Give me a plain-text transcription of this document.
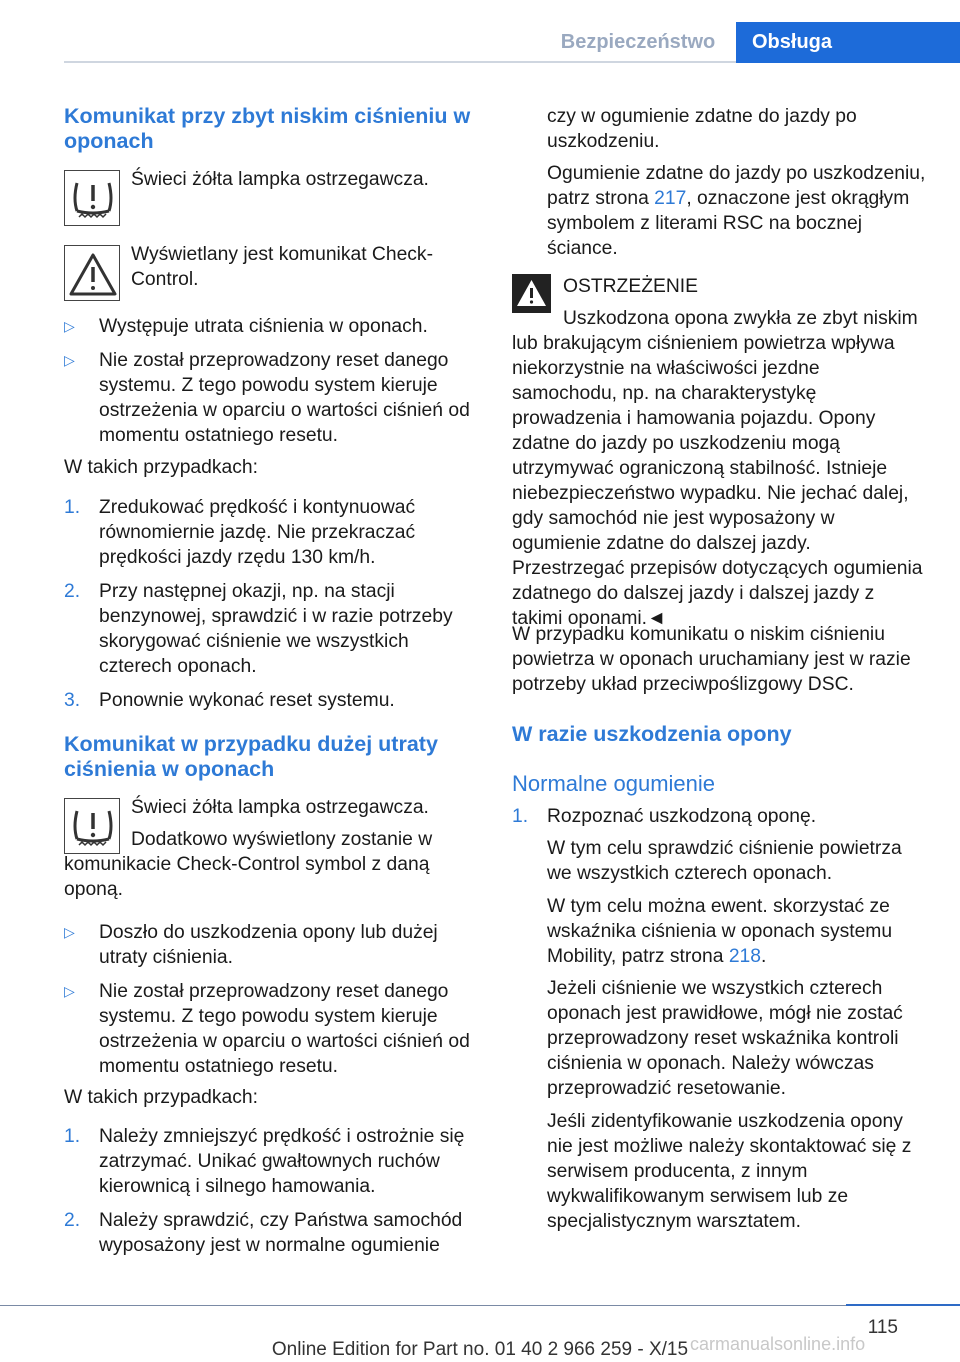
Bezpieczeństwo	Obsługa
Komunikat przy zbyt niskim ciśnieniu w oponach

Świeci żółta lampka ostrzegawcza.

Wyświetlany jest komunikat Check-Control.

▷ Występuje utrata ciśnienia w oponach.
▷ Nie został przeprowadzony reset danego systemu. Z tego powodu system kieruje ostrzeżenia w oparciu o wartości ciśnień od momentu ostatniego resetu.

W takich przypadkach:

1. Zredukować prędkość i kontynuować równomiernie jazdę. Nie przekraczać prędkości jazdy rzędu 130 km/h.
2. Przy następnej okazji, np. na stacji benzynowej, sprawdzić i w razie potrzeby skorygować ciśnienie we wszystkich czterech oponach.
3. Ponownie wykonać reset systemu.
Komunikat w przypadku dużej utraty ciśnienia w oponach

Świeci żółta lampka ostrzegawcza.

Dodatkowo wyświetlony zostanie w komunikacie Check-Control symbol z daną oponą.

▷ Doszło do uszkodzenia opony lub dużej utraty ciśnienia.
▷ Nie został przeprowadzony reset danego systemu. Z tego powodu system kieruje ostrzeżenia w oparciu o wartości ciśnień od momentu ostatniego resetu.

W takich przypadkach:

1. Należy zmniejszyć prędkość i ostrożnie się zatrzymać. Unikać gwałtownych ruchów kierownicą i silnego hamowania.
2. Należy sprawdzić, czy Państwa samochód wyposażony jest w normalne ogumienie

czy w ogumienie zdatne do jazdy po uszkodzeniu.

Ogumienie zdatne do jazdy po uszkodzeniu, patrz strona 217, oznaczone jest okrągłym symbolem z literami RSC na bocznej ściance.

OSTRZEŻENIE

Uszkodzona opona zwykła ze zbyt niskim lub brakującym ciśnieniem powietrza wpływa niekorzystnie na właściwości jezdne samochodu, np. na charakterystykę prowadzenia i hamowania pojazdu. Opony zdatne do jazdy po uszkodzeniu mogą utrzymywać ograniczoną stabilność. Istnieje niebezpieczeństwo wypadku. Nie jechać dalej, gdy samochód nie jest wyposażony w ogumienie zdatne do dalszej jazdy. Przestrzegać przepisów dotyczących ogumienia zdatnego do dalszej jazdy i dalszej jazdy z takimi oponami.◄

W przypadku komunikatu o niskim ciśnieniu powietrza w oponach uruchamiany jest w razie potrzeby układ przeciwpoślizgowy DSC.

W razie uszkodzenia opony
Normalne ogumienie
1. Rozpoznać uszkodzoną oponę.

W tym celu sprawdzić ciśnienie powietrza we wszystkich czterech oponach.

W tym celu można ewent. skorzystać ze wskaźnika ciśnienia w oponach systemu Mobility, patrz strona 218.

Jeżeli ciśnienie we wszystkich czterech oponach jest prawidłowe, mógł nie zostać przeprowadzony reset wskaźnika kontroli ciśnienia w oponach. Należy wówczas przeprowadzić resetowanie.

Jeśli zidentyfikowanie uszkodzenia opony nie jest możliwe należy skontaktować się z serwisem producenta, z innym wykwalifikowanym serwisem lub ze specjalistycznym warsztatem.

115
Online Edition for Part no. 01 40 2 966 259 - X/15 carmanualsonline.info
